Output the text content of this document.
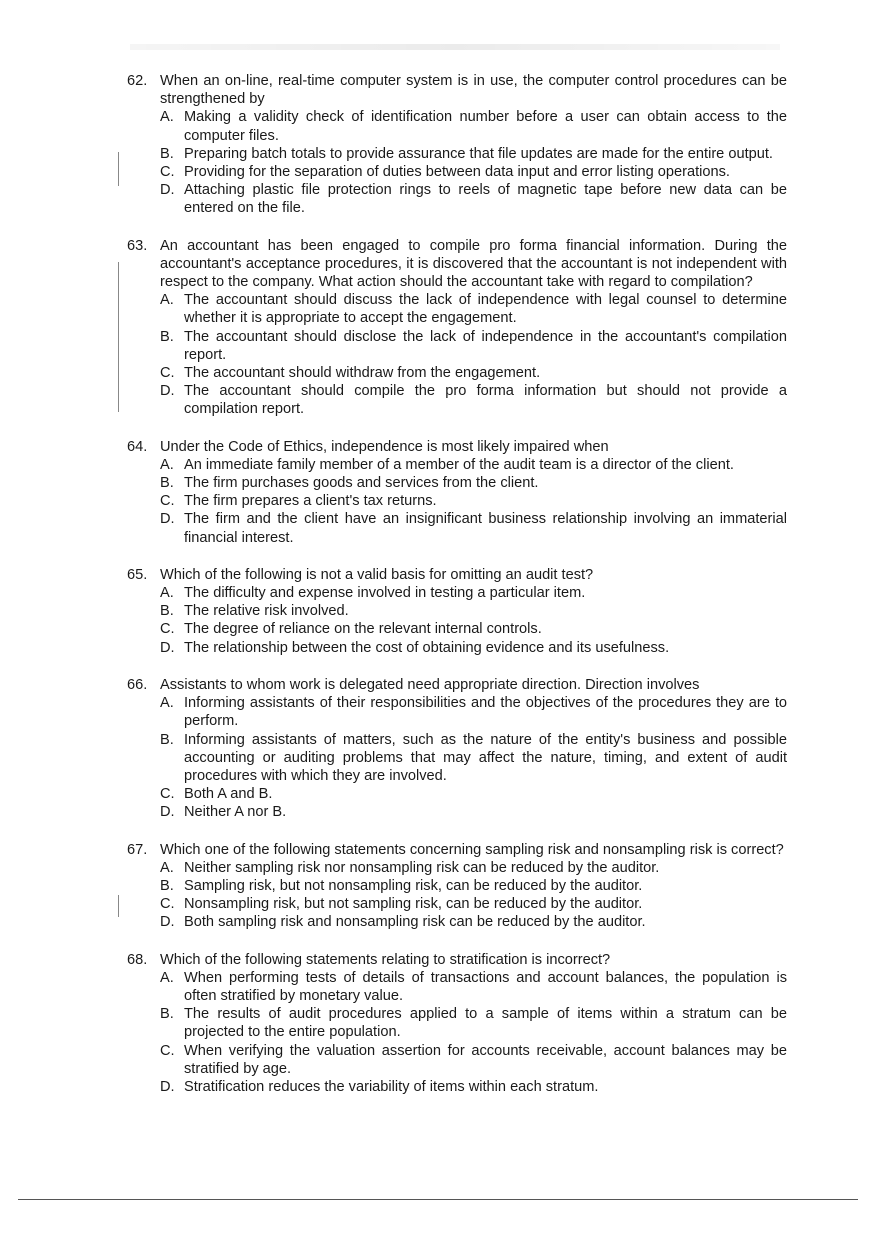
62. When an on-line, real-time computer system is in use, the computer control procedures can be strengthened by
A. Making a validity check of identification number before a user can obtain access to the computer files.
B. Preparing batch totals to provide assurance that file updates are made for the entire output.
C. Providing for the separation of duties between data input and error listing operations.
D. Attaching plastic file protection rings to reels of magnetic tape before new data can be entered on the file.
63. An accountant has been engaged to compile pro forma financial information. During the accountant's acceptance procedures, it is discovered that the accountant is not independent with respect to the company. What action should the accountant take with regard to compilation?
A. The accountant should discuss the lack of independence with legal counsel to determine whether it is appropriate to accept the engagement.
B. The accountant should disclose the lack of independence in the accountant's compilation report.
C. The accountant should withdraw from the engagement.
D. The accountant should compile the pro forma information but should not provide a compilation report.
64. Under the Code of Ethics, independence is most likely impaired when
A. An immediate family member of a member of the audit team is a director of the client.
B. The firm purchases goods and services from the client.
C. The firm prepares a client's tax returns.
D. The firm and the client have an insignificant business relationship involving an immaterial financial interest.
65. Which of the following is not a valid basis for omitting an audit test?
A. The difficulty and expense involved in testing a particular item.
B. The relative risk involved.
C. The degree of reliance on the relevant internal controls.
D. The relationship between the cost of obtaining evidence and its usefulness.
66. Assistants to whom work is delegated need appropriate direction. Direction involves
A. Informing assistants of their responsibilities and the objectives of the procedures they are to perform.
B. Informing assistants of matters, such as the nature of the entity's business and possible accounting or auditing problems that may affect the nature, timing, and extent of audit procedures with which they are involved.
C. Both A and B.
D. Neither A nor B.
67. Which one of the following statements concerning sampling risk and nonsampling risk is correct?
A. Neither sampling risk nor nonsampling risk can be reduced by the auditor.
B. Sampling risk, but not nonsampling risk, can be reduced by the auditor.
C. Nonsampling risk, but not sampling risk, can be reduced by the auditor.
D. Both sampling risk and nonsampling risk can be reduced by the auditor.
68. Which of the following statements relating to stratification is incorrect?
A. When performing tests of details of transactions and account balances, the population is often stratified by monetary value.
B. The results of audit procedures applied to a sample of items within a stratum can be projected to the entire population.
C. When verifying the valuation assertion for accounts receivable, account balances may be stratified by age.
D. Stratification reduces the variability of items within each stratum.
